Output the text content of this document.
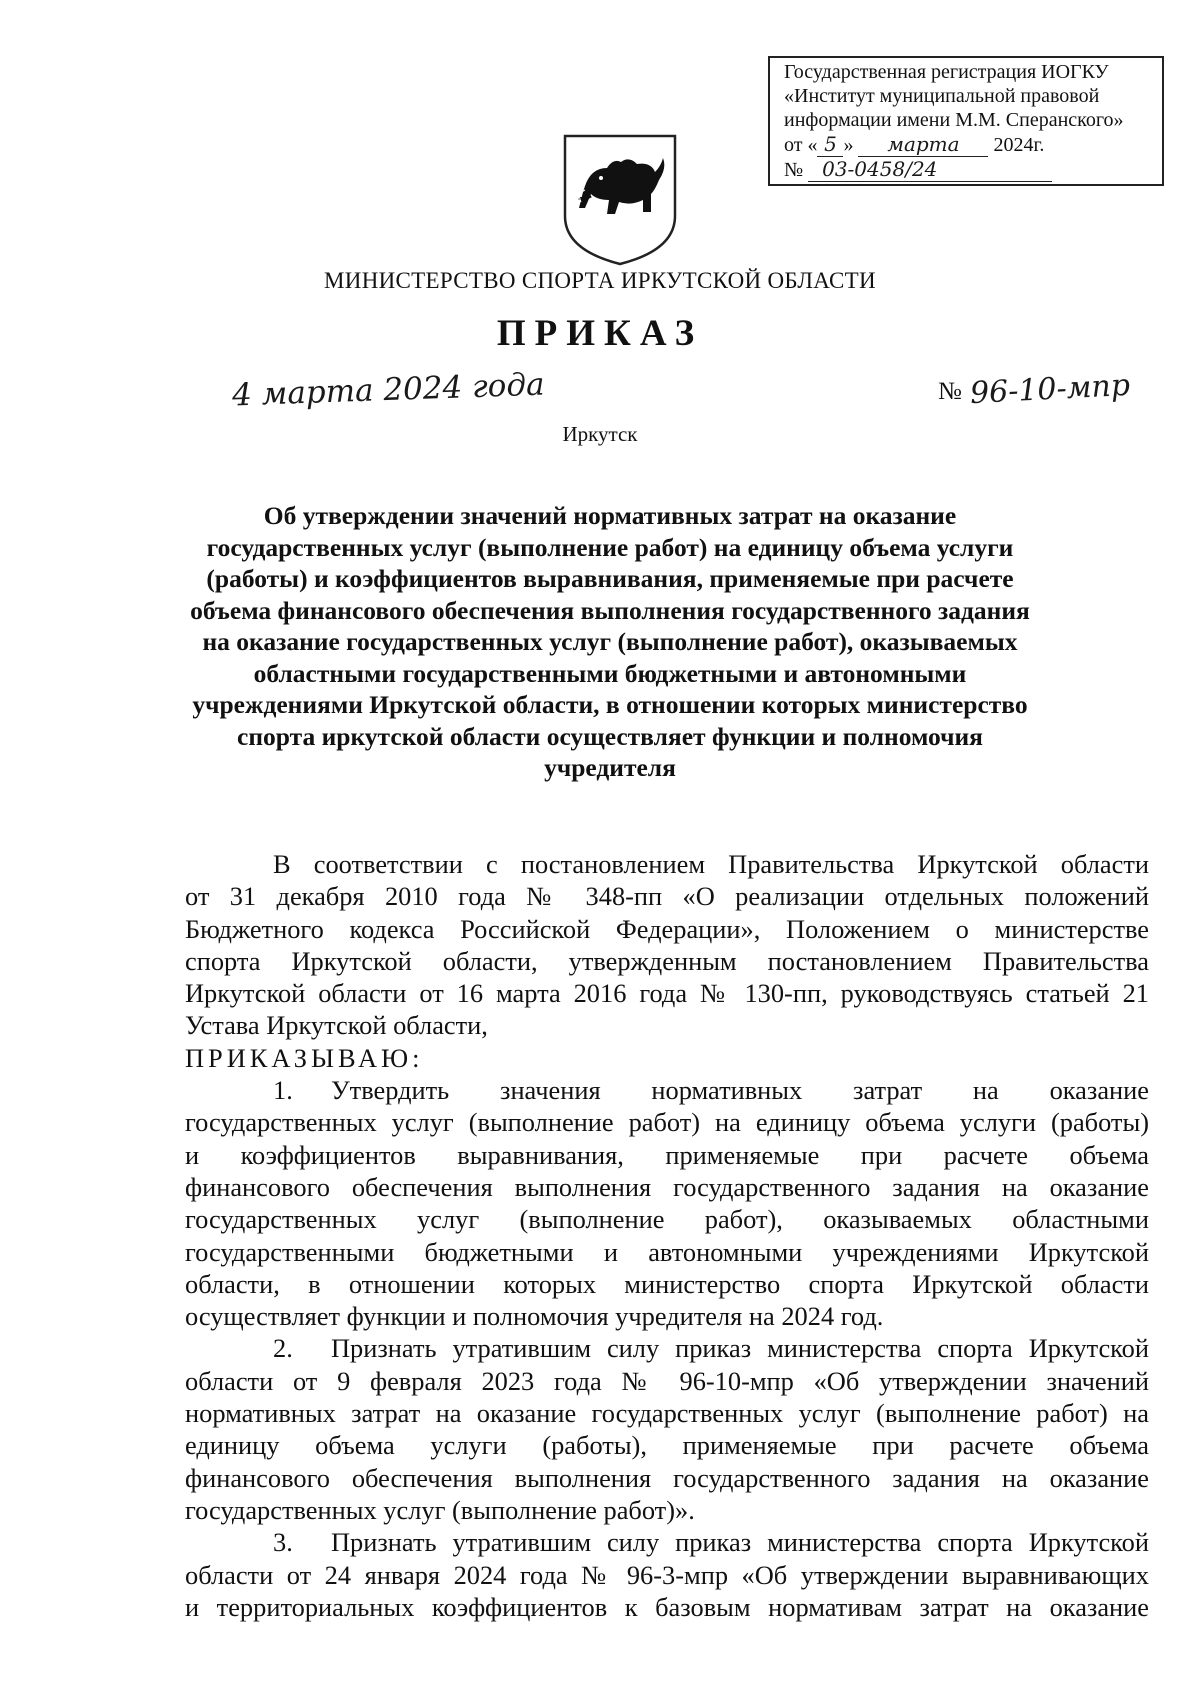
Государственная регистрация ИОГКУ
«Институт муниципальной правовой
информации имени М.М. Сперанского»
от « 5 » марта 2024г.
№ 03-0458/24
МИНИСТЕРСТВО СПОРТА ИРКУТСКОЙ ОБЛАСТИ
ПРИКАЗ
4 марта 2024 года	№ 96-10-мпр
Иркутск
Об утверждении значений нормативных затрат на оказание
государственных услуг (выполнение работ) на единицу объема услуги
(работы) и коэффициентов выравнивания, применяемые при расчете
объема финансового обеспечения выполнения государственного задания
на оказание государственных услуг (выполнение работ), оказываемых
областными государственными бюджетными и автономными
учреждениями Иркутской области, в отношении которых министерство
спорта иркутской области осуществляет функции и полномочия
учредителя
В соответствии с постановлением Правительства Иркутской области
от 31 декабря 2010 года № 348-пп «О реализации отдельных положений
Бюджетного кодекса Российской Федерации», Положением о министерстве
спорта Иркутской области, утвержденным постановлением Правительства
Иркутской области от 16 марта 2016 года № 130-пп, руководствуясь статьей 21
Устава Иркутской области,
ПРИКАЗЫВАЮ:
1. Утвердить значения нормативных затрат на оказание
государственных услуг (выполнение работ) на единицу объема услуги (работы)
и коэффициентов выравнивания, применяемые при расчете объема
финансового обеспечения выполнения государственного задания на оказание
государственных услуг (выполнение работ), оказываемых областными
государственными бюджетными и автономными учреждениями Иркутской
области, в отношении которых министерство спорта Иркутской области
осуществляет функции и полномочия учредителя на 2024 год.
2. Признать утратившим силу приказ министерства спорта Иркутской
области от 9 февраля 2023 года № 96-10-мпр «Об утверждении значений
нормативных затрат на оказание государственных услуг (выполнение работ) на
единицу объема услуги (работы), применяемые при расчете объема
финансового обеспечения выполнения государственного задания на оказание
государственных услуг (выполнение работ)».
3. Признать утратившим силу приказ министерства спорта Иркутской
области от 24 января 2024 года № 96-3-мпр «Об утверждении выравнивающих
и территориальных коэффициентов к базовым нормативам затрат на оказание
